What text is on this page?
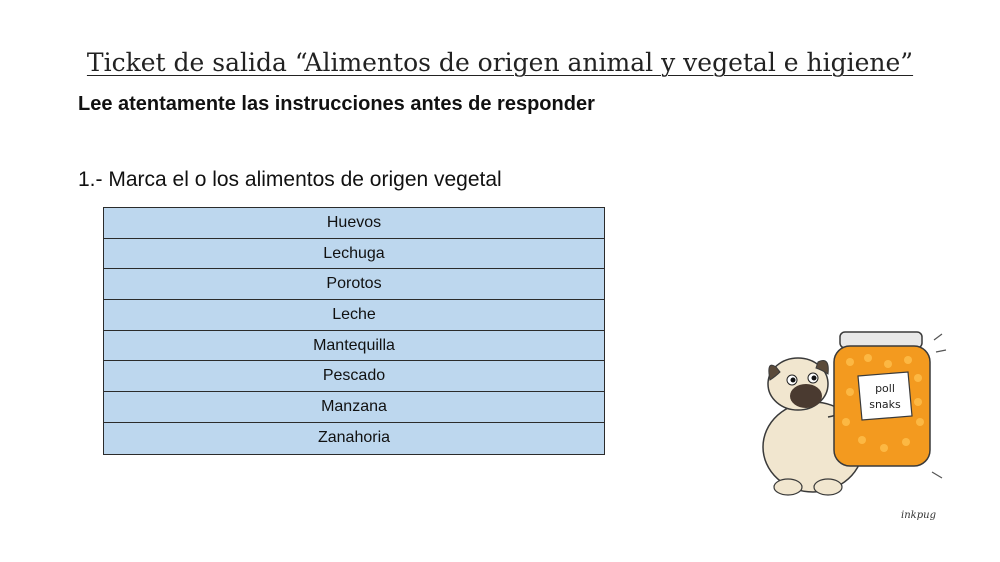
Ticket de salida “Alimentos de origen animal y vegetal e higiene”
Lee atentamente las instrucciones antes de responder
1.- Marca el o los alimentos de origen vegetal
Huevos
Lechuga
Porotos
Leche
Mantequilla
Pescado
Manzana
Zanahoria
poll
snaks
inkpug
